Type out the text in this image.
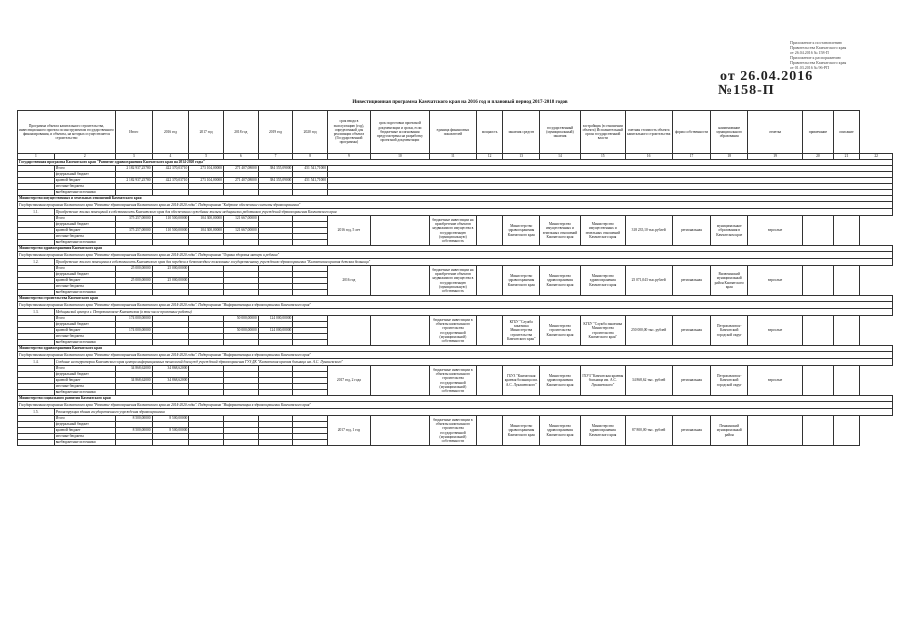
Приложение к постановлению
Правительства Камчатского края
от 26.04.2016 № 158-П
Приложение к распоряжению
Правительства Камчатского края
от 01.03.2016 № 96-РП
от 26.04.2016
№158-П
Инвестиционная программа Камчатского края на 2016 год и плановый период 2017-2018 годов
Программа объекта капитального строительства, инвестиционного проекта по инструментам государственного финансирования, и объекты, на которых осуществляется строительство		Итого	2016 год	2017 год	2018 год	2019 год	2020 год	срок ввода в эксплуатацию (год), определенный для реализации объекта (Государственной программы)	срок подготовки проектной документации и сроки, если бюджетные ассигнования предусмотрены на разработку проектной документации	единица финансовых показателей	мощность	заказчик средств	государственный (муниципальный) заказчик	застройщик (в отношении объекта) Исполнительный орган государственной власти	сметная стоимость объекта капитального строительства	форма собственности	наименование муниципального образования	отметка	примечание	описание
1	2	3	4	5	6	7	8	9	10	11	12	13	14	15	16	17	18	19	20	21	22
Государственная программа Камчатского края "Развитие здравоохранения Камчатского края на 2014-2020 годы"																					
	Итого	2 182 937,25780	422 370,03710	273 104,00000	271 407,08000	384 355,09000	451 541,71000														
	федеральный бюджет																				
	краевой бюджет	2 182 937,25780	422 370,03710	273 104,00000	271 407,08000	384 355,09000	451 541,71000														
	местные бюджеты																				
	внебюджетные источники																				
Министерство имущественных и земельных отношений Камчатского края																					
Государственная программа Камчатского края "Развитие здравоохранения Камчатского края на 2014-2020 годы". Подпрограмма "Кадровое обеспечение системы здравоохранения"																					
1.1.	Приобретение жилых помещений в собственность Камчатского края для обеспечения служебным жильем медицинских работников учреждений здравоохранения Камчатского края																				
	Итого	375 257,00000	110 500,00000	104 300,00000	121 667,00000			2016 год, 5 лет		бюджетные инвестиции на приобретение объектов недвижимого имущества в государственную (муниципальную) собственность		Министерство здравоохранения Камчатского края	Министерство имущественных и земельных отношений Камчатского края	Министерство имущественных и земельных отношений Камчатского края	318 235,10 тыс.рублей	региональная	муниципальные образования в Камчатском крае	взрослые			
	федеральный бюджет																				
	краевой бюджет	375 257,00000	110 500,00000	104 300,00000	121 667,00000																
	местные бюджеты																				
	внебюджетные источники																				
Министерство здравоохранения Камчатского края																					
Государственная программа Камчатского края "Развитие здравоохранения Камчатского края на 2014-2020 годы". Подпрограмма "Охрана здоровья матери и ребенка"																					
1.2.	Приобретение жилого помещения в собственность Камчатского края для передачи в безвозмездное пользование государственному учреждению здравоохранения "Камчатская краевая детская больница"																				
	Итого	25 000,00000	25 000,00000					2016 год		бюджетные инвестиции на приобретение объектов недвижимого имущества в государственную (муниципальную) собственность		Министерство здравоохранения Камчатского края	Министерство здравоохранения Камчатского края	Министерство здравоохранения Камчатского края	25 071,043 тыс.рублей	региональная	Вилючинский муниципальный район Камчатского края	взрослые			
	федеральный бюджет																				
	краевой бюджет	25 000,00000	25 000,00000																		
	местные бюджеты																				
	внебюджетные источники																				
Министерство строительства Камчатского края																					
Государственная программа Камчатского края "Развитие здравоохранения Камчатского края на 2014-2020 годы". Подпрограмма "Информатизация в здравоохранении Камчатского края"																					
1.3.	Медицинский центр в г. Петропавловске-Камчатском (в том числе проектные работы)																				
	Итого	174 000,00000			50 000,00000	124 000,00000				бюджетные инвестиции в объекты капитального строительства государственной (муниципальной) собственности		КГБУ "Служба заказчика Министерства строительства Камчатского края"	Министерство строительства Камчатского края	КГБУ "Служба заказчика Министерства строительства Камчатского края"	250 000,00 тыс. рублей	региональная	Петропавловск-Камчатский городской округ	взрослые			
	федеральный бюджет																				
	краевой бюджет	174 000,00000			50 000,00000	124 000,00000															
	местные бюджеты																				
	внебюджетные источники																				
Министерство здравоохранения Камчатского края																					
Государственная программа Камчатского края "Развитие здравоохранения Камчатского края на 2014-2020 годы". Подпрограмма "Информатизация в здравоохранении Камчатского края"																					
1.4.	Создание на территории Камчатского края центра информационных технологий для нужд учреждений здравоохранения ГУЗ ДК "Камчатская краевая больница им. А.С. Лукашевского"																				
	Итого	34 868,62000	34 868,62000					2017 год, 2 года		бюджетные инвестиции в объекты капитального строительства государственной (муниципальной) собственности		ГБУЗ "Камчатская краевая больница им. А.С. Лукашевского"	Министерство здравоохранения Камчатского края	ГБУЗ "Камчатская краевая больница им. А.С. Лукашевского"	34 868,62 тыс. рублей	региональная	Петропавловск-Камчатский городской округ	взрослые			
	федеральный бюджет																				
	краевой бюджет	34 868,62000	34 868,62000																		
	местные бюджеты																				
	внебюджетные источники																				
Министерство социального развития Камчатского края																					
Государственная программа Камчатского края "Развитие здравоохранения Камчатского края на 2014-2020 годы". Подпрограмма "Информатизация в здравоохранении Камчатского края"																					
1.5.	Реконструкция здания государственного учреждения здравоохранения																				
	Итого	8 500,00000	8 500,00000					2017 год, 1 год		бюджетные инвестиции в объекты капитального строительства государственной (муниципальной) собственности		Министерство здравоохранения Камчатского края	Министерство здравоохранения Камчатского края	Министерство здравоохранения Камчатского края	87 800,00 тыс. рублей	региональная	Пенжинский муниципальный район				
	федеральный бюджет																				
	краевой бюджет	8 500,00000	8 500,00000																		
	местные бюджеты																				
	внебюджетные источники																				
